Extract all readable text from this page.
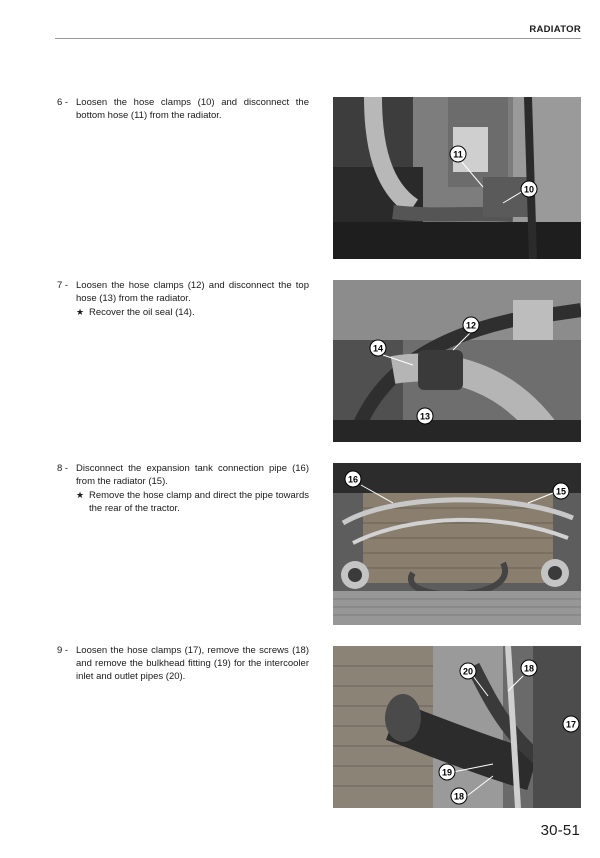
RADIATOR
6 - Loosen the hose clamps (10) and disconnect the bottom hose (11) from the radiator.
11
10
7 - Loosen the hose clamps (12) and disconnect the top hose (13) from the radiator.
★ Recover the oil seal (14).
12
14
13
8 - Disconnect the expansion tank connection pipe (16) from the radiator (15).
★ Remove the hose clamp and direct the pipe towards the rear of the tractor.
16
15
9 - Loosen the hose clamps (17), remove the screws (18) and remove the bulkhead fitting (19) for the intercooler inlet and outlet pipes (20).	20	18
17
19
18
30-51
